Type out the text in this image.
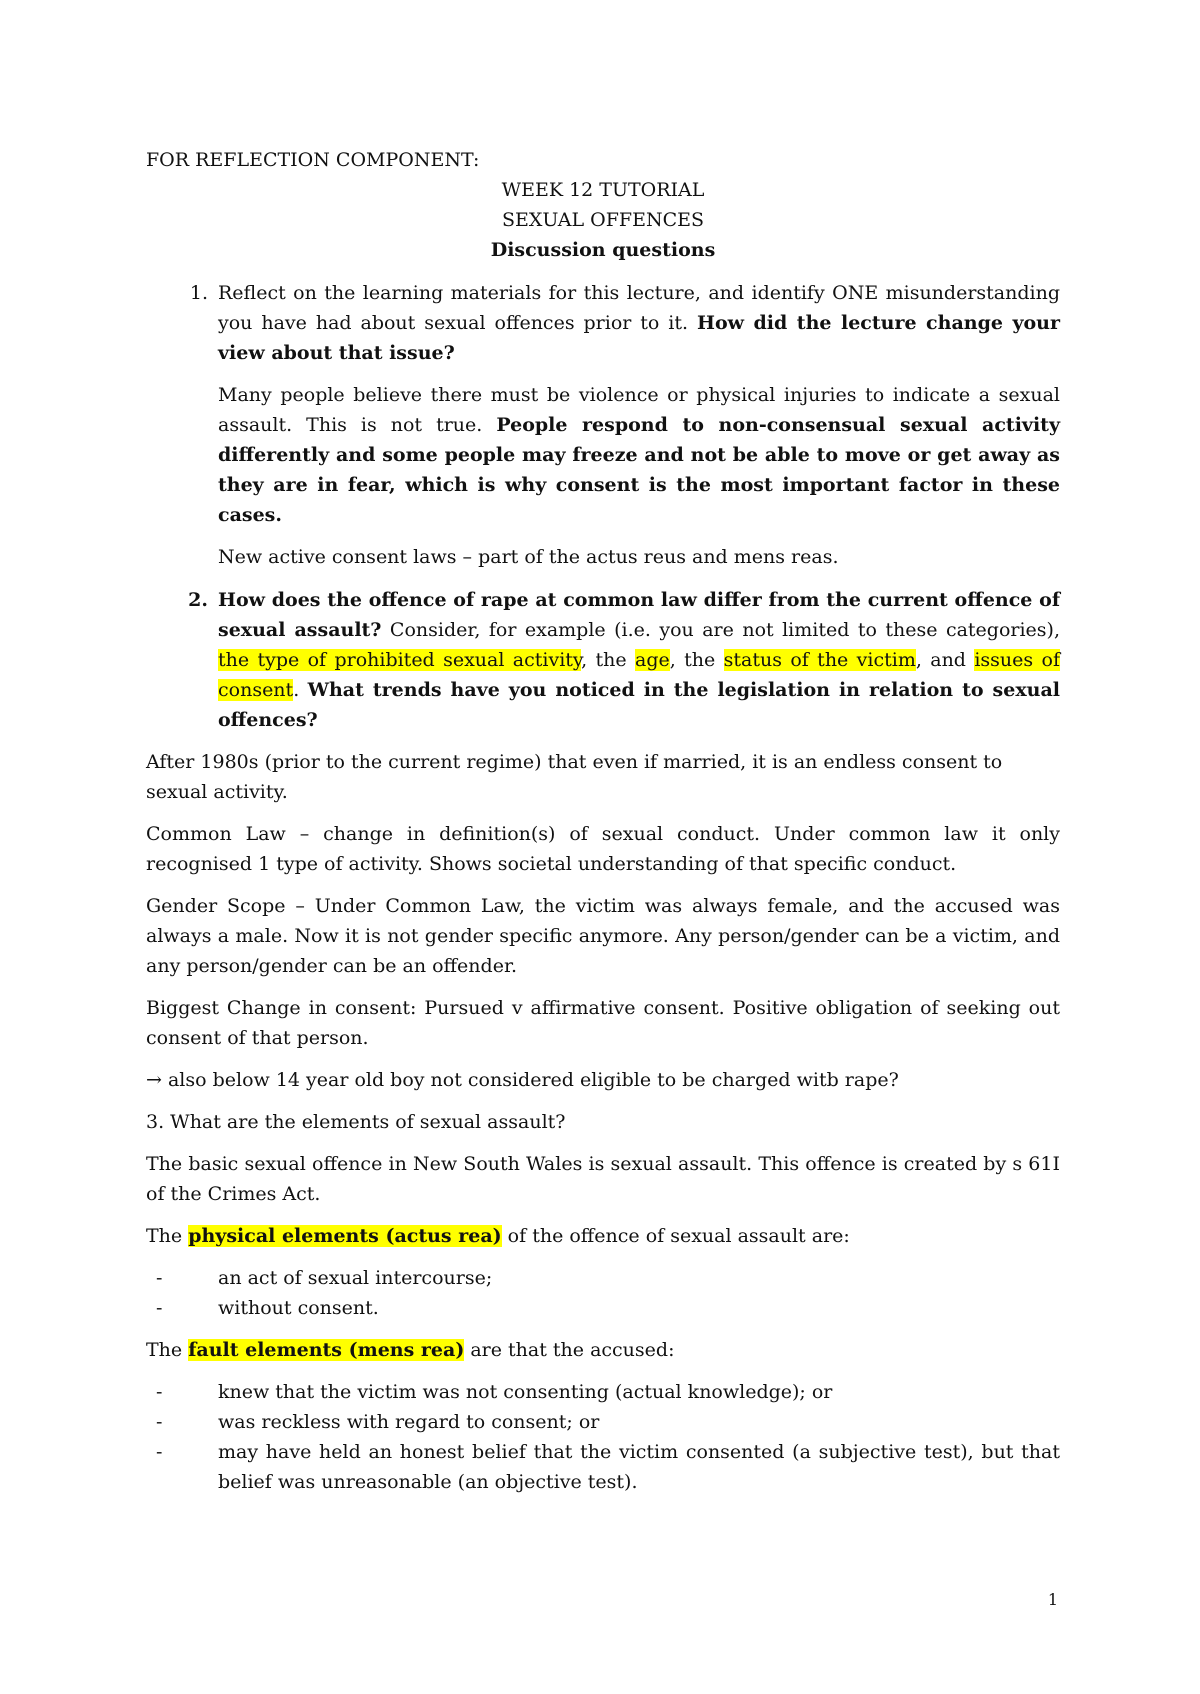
FOR REFLECTION COMPONENT:

WEEK 12 TUTORIAL

SEXUAL OFFENCES

Discussion questions

1. Reflect on the learning materials for this lecture, and identify ONE misunderstanding you have had about sexual offences prior to it. How did the lecture change your view about that issue?
Many people believe there must be violence or physical injuries to indicate a sexual assault. This is not true. People respond to non-consensual sexual activity differently and some people may freeze and not be able to move or get away as they are in fear, which is why consent is the most important factor in these cases.

New active consent laws – part of the actus reus and mens reas.

2. How does the offence of rape at common law differ from the current offence of sexual assault? Consider, for example (i.e. you are not limited to these categories), the type of prohibited sexual activity, the age, the status of the victim, and issues of consent. What trends have you noticed in the legislation in relation to sexual offences?

After 1980s (prior to the current regime) that even if married, it is an endless consent to
sexual activity.

Common Law – change in definition(s) of sexual conduct. Under common law it only recognised 1 type of activity. Shows societal understanding of that specific conduct.

Gender Scope – Under Common Law, the victim was always female, and the accused was always a male. Now it is not gender specific anymore. Any person/gender can be a victim, and any person/gender can be an offender.

Biggest Change in consent: Pursued v affirmative consent. Positive obligation of seeking out consent of that person.

→ also below 14 year old boy not considered eligible to be charged witb rape?

3. What are the elements of sexual assault?

The basic sexual offence in New South Wales is sexual assault. This offence is created by s 61I of the Crimes Act.

The physical elements (actus rea) of the offence of sexual assault are:

- an act of sexual intercourse;

- without consent.

The fault elements (mens rea) are that the accused:

- knew that the victim was not consenting (actual knowledge); or

- was reckless with regard to consent; or

- may have held an honest belief that the victim consented (a subjective test), but that belief was unreasonable (an objective test).

1
